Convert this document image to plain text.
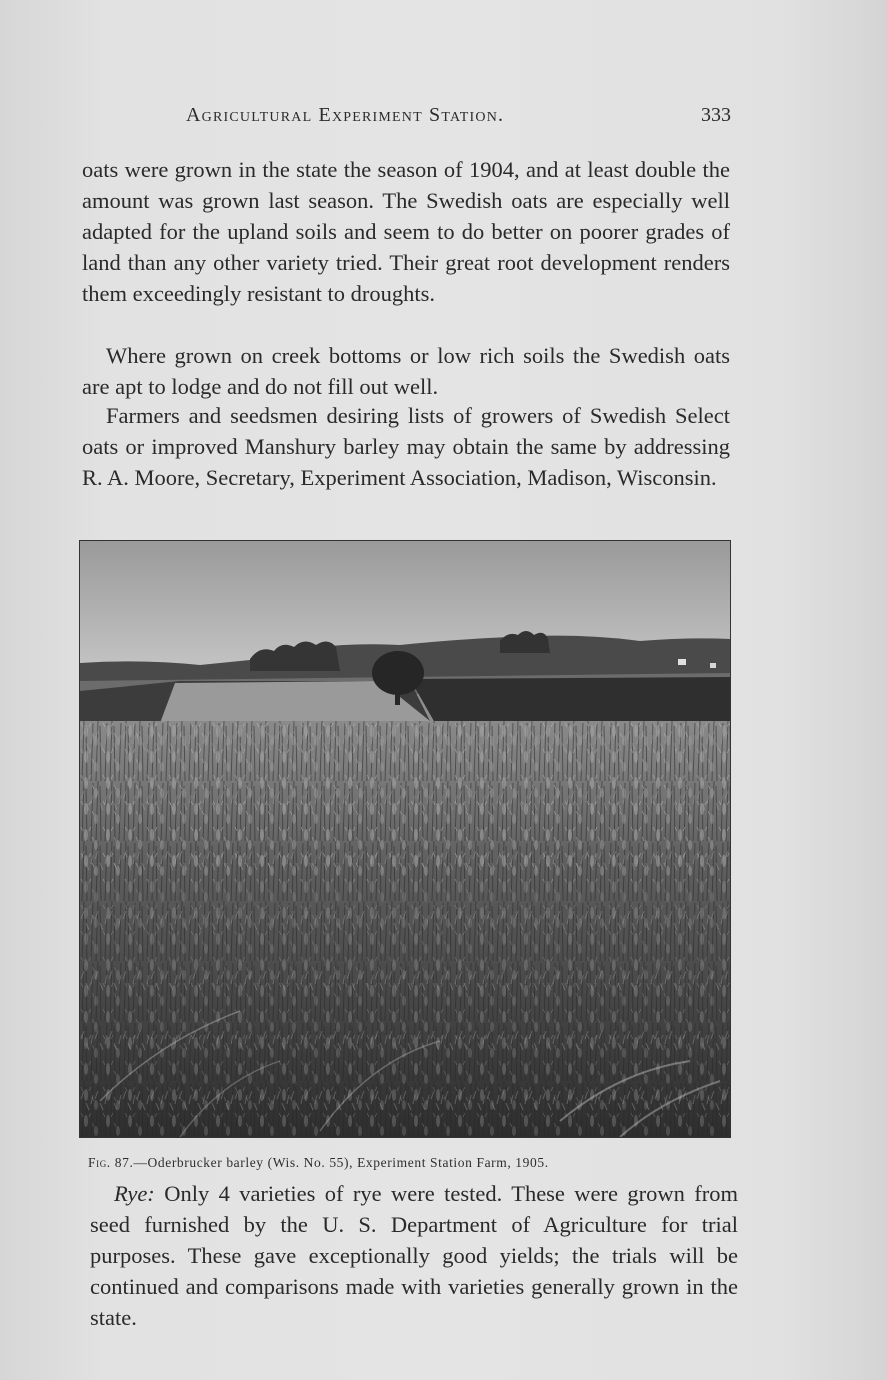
Agricultural Experiment Station.	333

oats were grown in the state the season of 1904, and at least double the amount was grown last season. The Swedish oats are especially well adapted for the upland soils and seem to do better on poorer grades of land than any other variety tried. Their great root development renders them exceedingly resistant to droughts.

Where grown on creek bottoms or low rich soils the Swedish oats are apt to lodge and do not fill out well.

Farmers and seedsmen desiring lists of growers of Swedish Select oats or improved Manshury barley may obtain the same by addressing R. A. Moore, Secretary, Experiment Association, Madison, Wisconsin.

Fig. 87.—Oderbrucker barley (Wis. No. 55), Experiment Station Farm, 1905.

Rye: Only 4 varieties of rye were tested. These were grown from seed furnished by the U. S. Department of Agriculture for trial purposes. These gave exceptionally good yields; the trials will be continued and comparisons made with varieties generally grown in the state.
